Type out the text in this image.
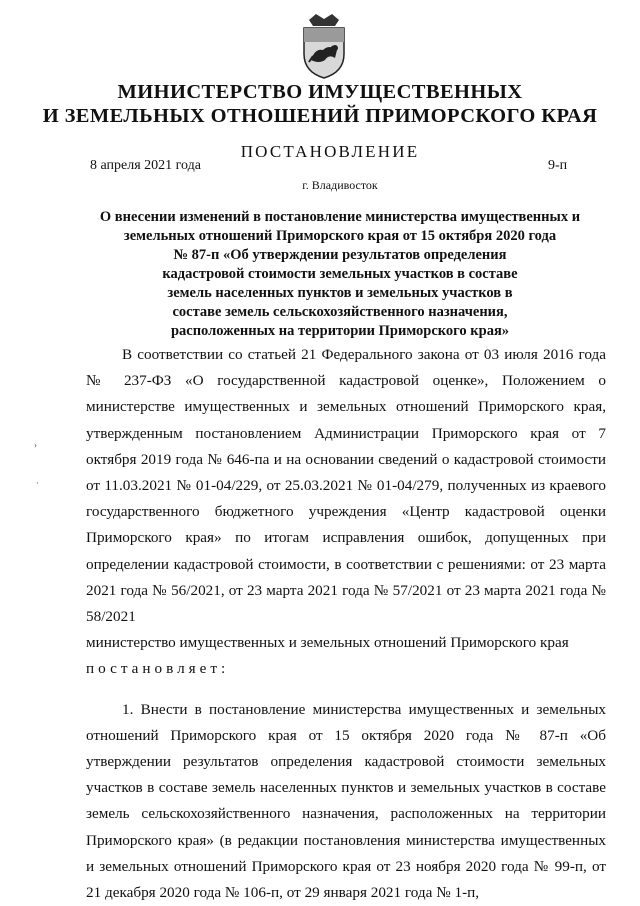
МИНИСТЕРСТВО ИМУЩЕСТВЕННЫХ
И ЗЕМЕЛЬНЫХ ОТНОШЕНИЙ ПРИМОРСКОГО КРАЯ
ПОСТАНОВЛЕНИЕ
8 апреля 2021 года	9-п
г. Владивосток
О внесении изменений в постановление министерства имущественных и
земельных отношений Приморского края от 15 октября 2020 года
№ 87-п «Об утверждении результатов определения
кадастровой стоимости земельных участков в составе
земель населенных пунктов и земельных участков в
составе земель сельскохозяйственного назначения,
расположенных на территории Приморского края»
›
·

В соответствии со статьей 21 Федерального закона от 03 июля 2016 года № 237-ФЗ «О государственной кадастровой оценке», Положением о министерстве имущественных и земельных отношений Приморского края, утвержденным постановлением Администрации Приморского края от 7 октября 2019 года № 646-па и на основании сведений о кадастровой стоимости от 11.03.2021 № 01-04/229, от 25.03.2021 № 01-04/279, полученных из краевого государственного бюджетного учреждения «Центр кадастровой оценки Приморского края» по итогам исправления ошибок, допущенных при определении кадастровой стоимости, в соответствии с решениями: от 23 марта 2021 года № 56/2021, от 23 марта 2021 года № 57/2021 от 23 марта 2021 года № 58/2021

министерство имущественных и земельных отношений Приморского края

постановляет:

1. Внести в постановление министерства имущественных и земельных отношений Приморского края от 15 октября 2020 года № 87-п «Об утверждении результатов определения кадастровой стоимости земельных участков в составе земель населенных пунктов и земельных участков в составе земель сельскохозяйственного назначения, расположенных на территории Приморского края» (в редакции постановления министерства имущественных и земельных отношений Приморского края от 23 ноября 2020 года № 99-п, от 21 декабря 2020 года № 106-п, от 29 января 2021 года № 1-п,
